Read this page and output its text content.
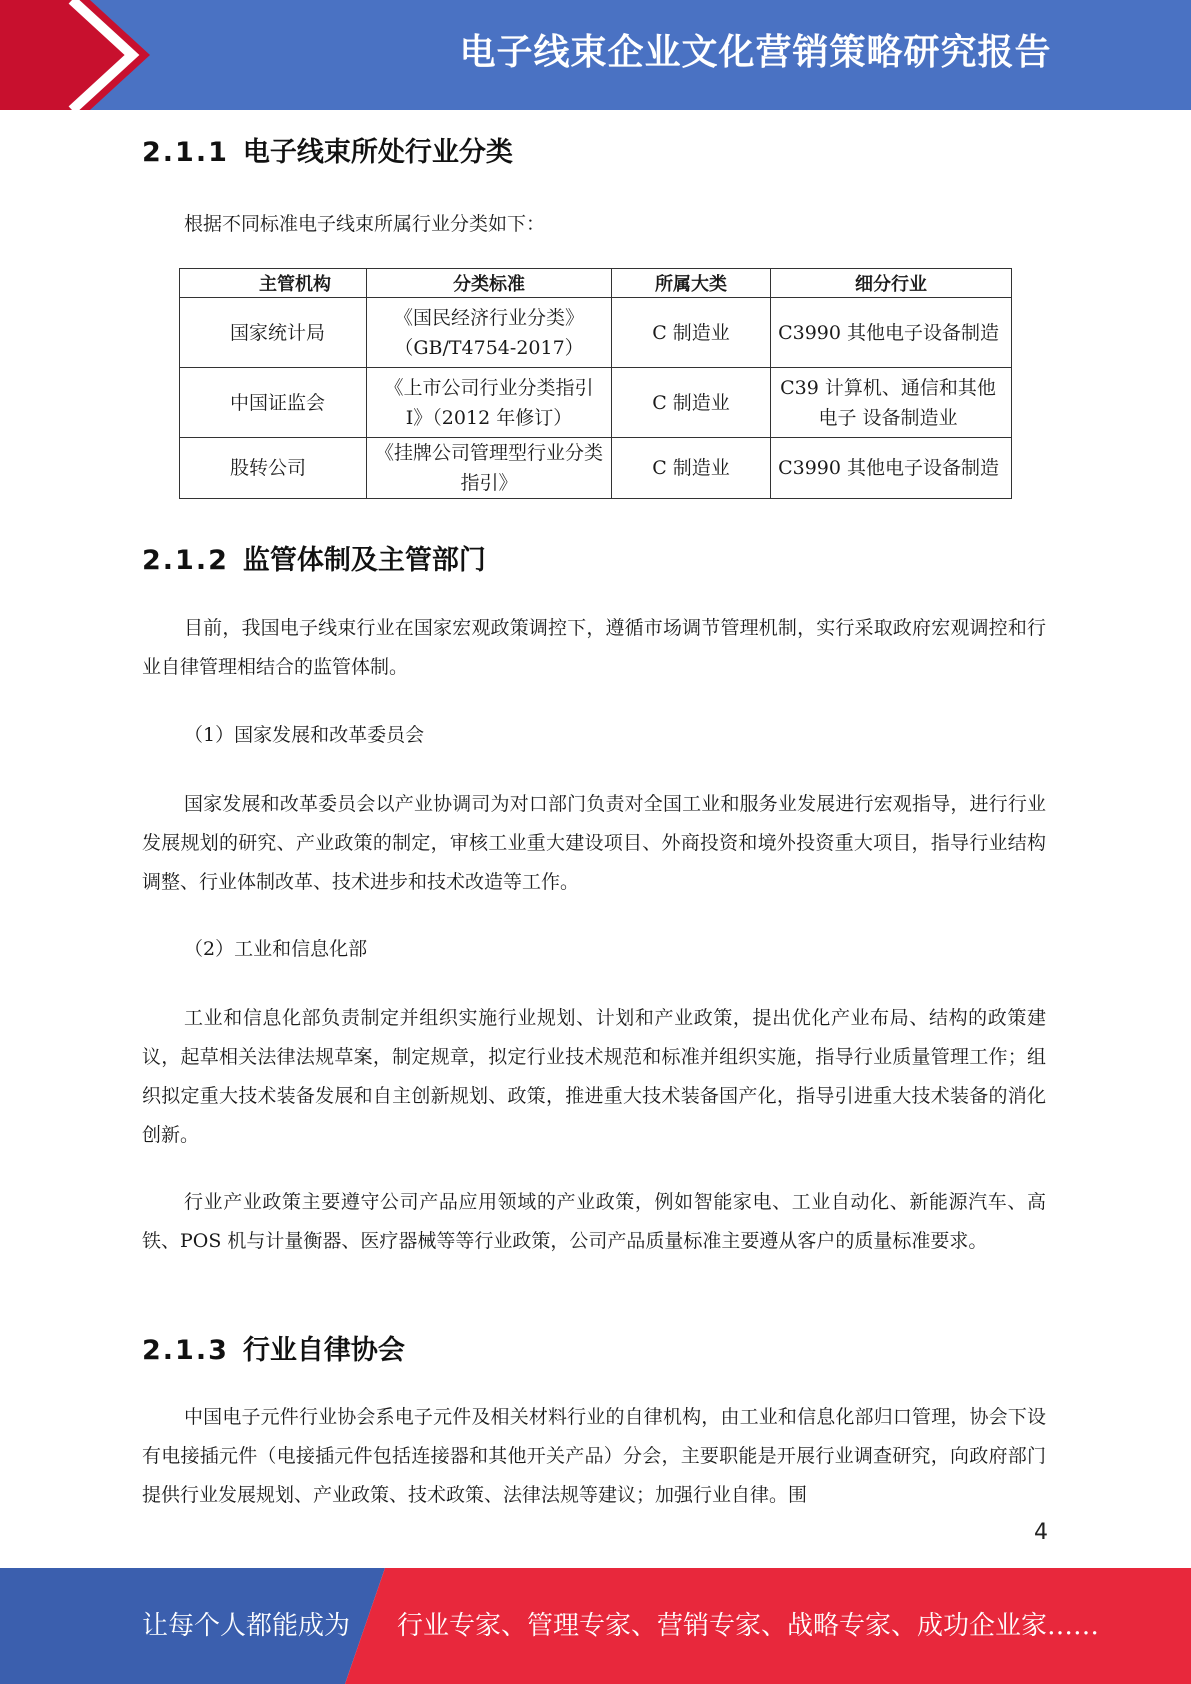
电子线束企业文化营销策略研究报告
2.1.1 电子线束所处行业分类

根据不同标准电子线束所属行业分类如下：

主管机构	分类标准	所属大类	细分行业
国家统计局	《国民经济行业分类》（GB/T4754-2017）	C 制造业	C3990 其他电子设备制造
中国证监会	《上市公司行业分类指引 I》（2012 年修订）	C 制造业	C39 计算机、通信和其他电子 设备制造业
股转公司	《挂牌公司管理型行业分类指引》	C 制造业	C3990 其他电子设备制造
2.1.2 监管体制及主管部门

目前，我国电子线束行业在国家宏观政策调控下，遵循市场调节管理机制，实行采取政府宏观调控和行业自律管理相结合的监管体制。

（1）国家发展和改革委员会

国家发展和改革委员会以产业协调司为对口部门负责对全国工业和服务业发展进行宏观指导，进行行业发展规划的研究、产业政策的制定，审核工业重大建设项目、外商投资和境外投资重大项目，指导行业结构调整、行业体制改革、技术进步和技术改造等工作。

（2）工业和信息化部

工业和信息化部负责制定并组织实施行业规划、计划和产业政策，提出优化产业布局、结构的政策建议，起草相关法律法规草案，制定规章，拟定行业技术规范和标准并组织实施，指导行业质量管理工作；组织拟定重大技术装备发展和自主创新规划、政策，推进重大技术装备国产化，指导引进重大技术装备的消化创新。

行业产业政策主要遵守公司产品应用领域的产业政策，例如智能家电、工业自动化、新能源汽车、高铁、POS 机与计量衡器、医疗器械等等行业政策，公司产品质量标准主要遵从客户的质量标准要求。

2.1.3 行业自律协会

中国电子元件行业协会系电子元件及相关材料行业的自律机构，由工业和信息化部归口管理，协会下设有电接插元件（电接插元件包括连接器和其他开关产品）分会，主要职能是开展行业调查研究，向政府部门提供行业发展规划、产业政策、技术政策、法律法规等建议；加强行业自律。围

4
让每个人都能成为 行业专家、管理专家、营销专家、战略专家、成功企业家……
